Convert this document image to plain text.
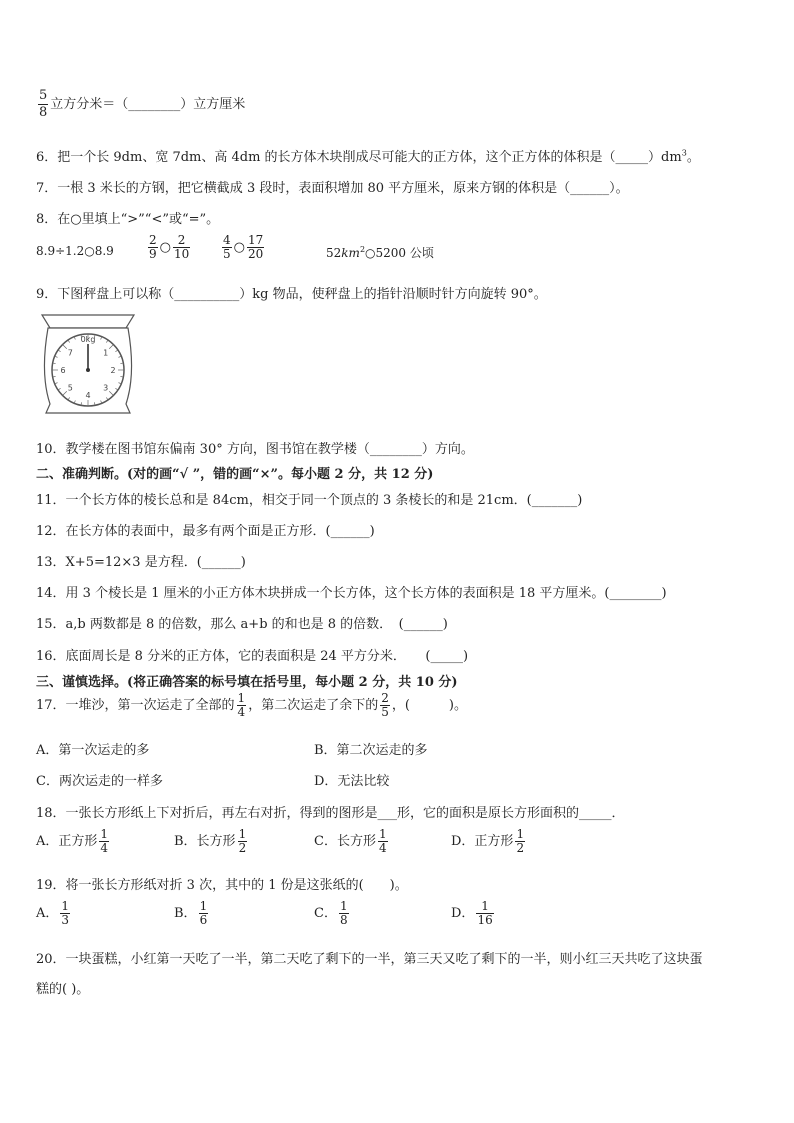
$\frac{5}{8}$ 立方分米＝（________）立方厘米
6．把一个长 9dm、宽 7dm、高 4dm 的长方体木块削成尽可能大的正方体，这个正方体的体积是$(\_\_\_\_\_)dm^3$。
7．一根 3 米长的方钢，把它横截成 3 段时，表面积增加 80 平方厘米，原来方钢的体积是（______）。
8．在○里填上“>”“<”或“=”。
8.9÷1.2○8.9	$\frac{2}{9}$ ○ $\frac{2}{10}$	$\frac{4}{5}$ ○ $\frac{17}{20}$	$52km^2○5200$ 公顷
9．下图秤盘上可以称（__________）kg 物品，使秤盘上的指针沿顺时针方向旋转 90°。
0kg
1
2
3
4
5
6
7
10．教学楼在图书馆东偏南 30° 方向，图书馆在教学楼（________）方向。
二、准确判断。(对的画“√ ”，错的画“×”。每小题 2 分，共 12 分)
11．一个长方体的棱长总和是 84cm，相交于同一个顶点的 3 条棱长的和是 21cm．(_______)
12．在长方体的表面中，最多有两个面是正方形．(______)
13．X+5=12×3 是方程．(______)
14．用 3 个棱长是 1 厘米的小正方体木块拼成一个长方体，这个长方体的表面积是 18 平方厘米。(________)
15．a,b 两数都是 8 的倍数，那么 a+b 的和也是 8 的倍数．　(______)
16．底面周长是 8 分米的正方体，它的表面积是 24 平方分米．　　(_____)
三、谨慎选择。(将正确答案的标号填在括号里，每小题 2 分，共 10 分)
17．一堆沙，第一次运走了全部的 $\frac{1}{4}$ ，第二次运走了余下的 $\frac{2}{5}$ ，(　　　)。
A．第一次运走的多	B．第二次运走的多
C．两次运走的一样多	D．无法比较
18．一张长方形纸上下对折后，再左右对折，得到的图形是___形，它的面积是原长方形面积的_____．
A．正方形 $\frac{1}{4}$	B．长方形 $\frac{1}{2}$	C．长方形 $\frac{1}{4}$	D．正方形 $\frac{1}{2}$
19．将一张长方形纸对折 3 次，其中的 1 份是这张纸的(　　)。
A． $\frac{1}{3}$	B． $\frac{1}{6}$	C． $\frac{1}{8}$	D． $\frac{1}{16}$
20．一块蛋糕，小红第一天吃了一半，第二天吃了剩下的一半，第三天又吃了剩下的一半，则小红三天共吃了这块蛋
糕的( )。
